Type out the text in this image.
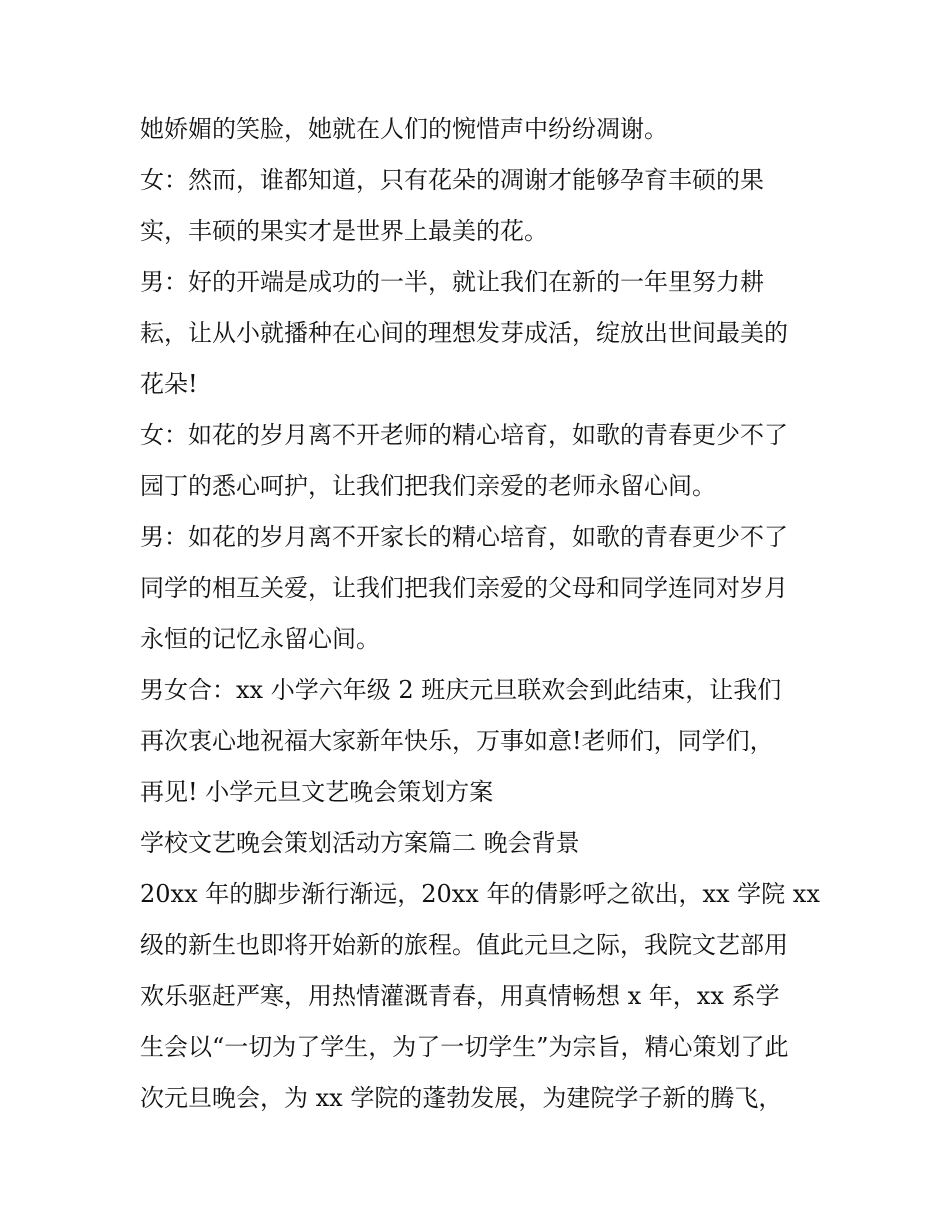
她娇媚的笑脸，她就在人们的惋惜声中纷纷凋谢。
女：然而，谁都知道，只有花朵的凋谢才能够孕育丰硕的果
实，丰硕的果实才是世界上最美的花。
男：好的开端是成功的一半，就让我们在新的一年里努力耕
耘，让从小就播种在心间的理想发芽成活，绽放出世间最美的
花朵!
女：如花的岁月离不开老师的精心培育，如歌的青春更少不了
园丁的悉心呵护，让我们把我们亲爱的老师永留心间。
男：如花的岁月离不开家长的精心培育，如歌的青春更少不了
同学的相互关爱，让我们把我们亲爱的父母和同学连同对岁月
永恒的记忆永留心间。
男女合：xx 小学六年级 2 班庆元旦联欢会到此结束，让我们
再次衷心地祝福大家新年快乐，万事如意!老师们，同学们，
再见! 小学元旦文艺晚会策划方案
学校文艺晚会策划活动方案篇二 晚会背景
20xx 年的脚步渐行渐远，20xx 年的倩影呼之欲出，xx 学院 xx
级的新生也即将开始新的旅程。值此元旦之际，我院文艺部用
欢乐驱赶严寒，用热情灌溉青春，用真情畅想 x 年，xx 系学
生会以“一切为了学生，为了一切学生”为宗旨，精心策划了此
次元旦晚会，为 xx 学院的蓬勃发展，为建院学子新的腾飞，
